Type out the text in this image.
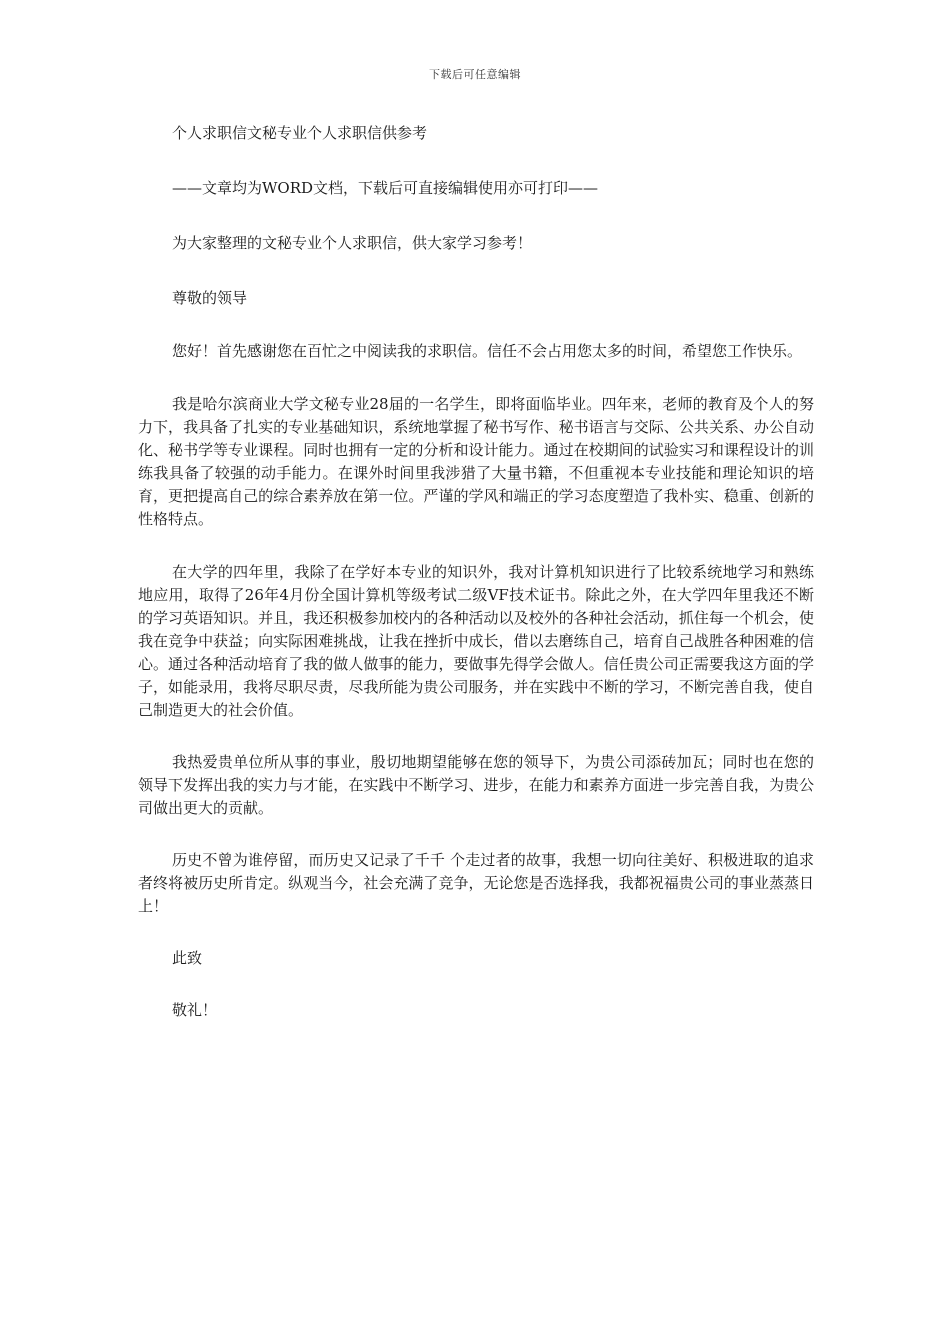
下载后可任意编辑

个人求职信文秘专业个人求职信供参考

——文章均为WORD文档，下载后可直接编辑使用亦可打印——

为大家整理的文秘专业个人求职信，供大家学习参考！

尊敬的领导

您好！首先感谢您在百忙之中阅读我的求职信。信任不会占用您太多的时间，希望您工作快乐。

我是哈尔滨商业大学文秘专业28届的一名学生，即将面临毕业。四年来，老师的教育及个人的努力下，我具备了扎实的专业基础知识，系统地掌握了秘书写作、秘书语言与交际、公共关系、办公自动化、秘书学等专业课程。同时也拥有一定的分析和设计能力。通过在校期间的试验实习和课程设计的训练我具备了较强的动手能力。在课外时间里我涉猎了大量书籍，不但重视本专业技能和理论知识的培育，更把提高自己的综合素养放在第一位。严谨的学风和端正的学习态度塑造了我朴实、稳重、创新的性格特点。

在大学的四年里，我除了在学好本专业的知识外，我对计算机知识进行了比较系统地学习和熟练地应用，取得了26年4月份全国计算机等级考试二级VF技术证书。除此之外，在大学四年里我还不断的学习英语知识。并且，我还积极参加校内的各种活动以及校外的各种社会活动，抓住每一个机会，使我在竞争中获益；向实际困难挑战，让我在挫折中成长，借以去磨练自己，培育自己战胜各种困难的信心。通过各种活动培育了我的做人做事的能力，要做事先得学会做人。信任贵公司正需要我这方面的学子，如能录用，我将尽职尽责，尽我所能为贵公司服务，并在实践中不断的学习，不断完善自我，使自己制造更大的社会价值。

我热爱贵单位所从事的事业，殷切地期望能够在您的领导下，为贵公司添砖加瓦；同时也在您的领导下发挥出我的实力与才能，在实践中不断学习、进步，在能力和素养方面进一步完善自我，为贵公司做出更大的贡献。

历史不曾为谁停留，而历史又记录了千千 个走过者的故事，我想一切向往美好、积极进取的追求者终将被历史所肯定。纵观当今，社会充满了竞争，无论您是否选择我，我都祝福贵公司的事业蒸蒸日上！

此致

敬礼！
